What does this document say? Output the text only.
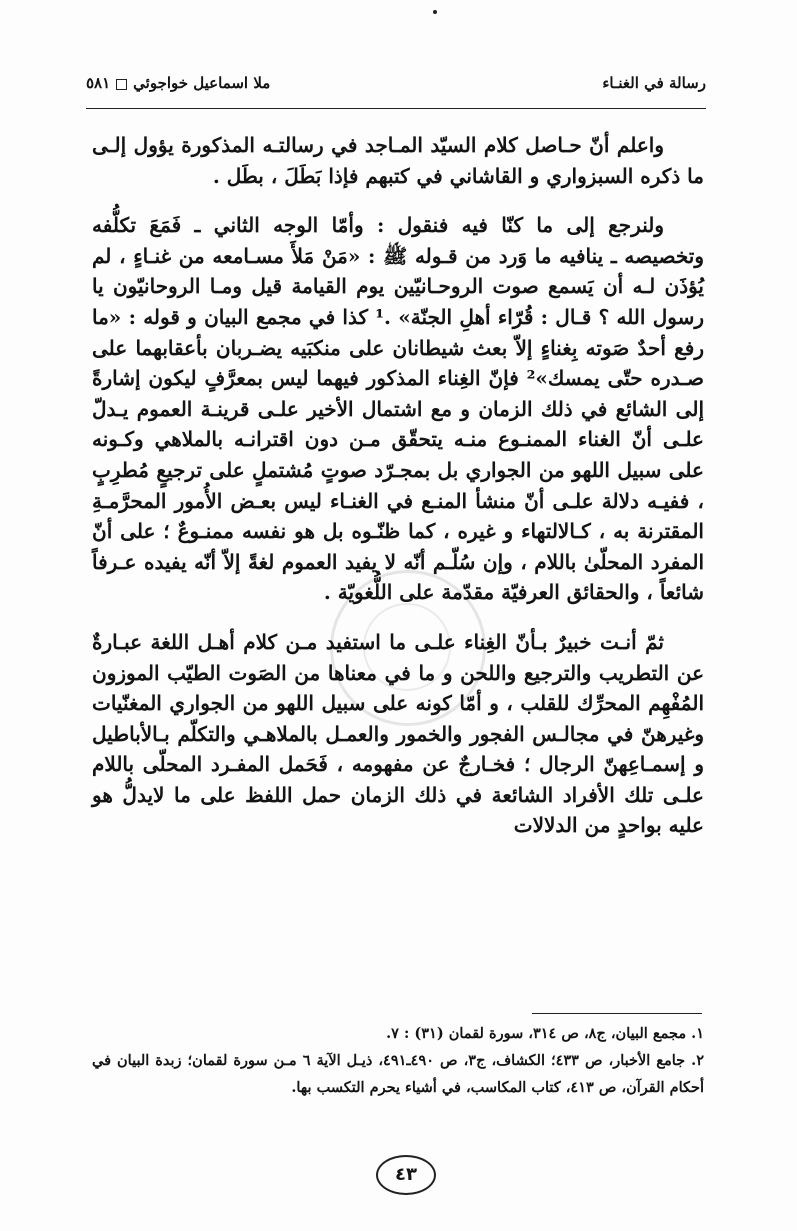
رسالة في الغنـاء
ملا اسماعيل خواجوئي٥٨١

واعلم أنّ حـاصل كلام السيّد المـاجد في رسالتـه المذكورة يؤول إلـى ما ذكره السبزواري و القاشاني في كتبهم فإذا بَطَلَ ، بطَل .

ولنرجع إلى ما كنّا فيه فنقول : وأمّا الوجه الثاني ـ فَمَعَ تكلُّفه وتخصيصه ـ ينافيه ما وَرد من قـوله ﷺ : «مَنْ مَلأَ مسـامعه من غنـاءٍ ، لم يُؤذَن لـه أن يَسمع صوت الروحـانيّين يوم القيامة قيل ومـا الروحانيّون يا رسول الله ؟ قـال : قُرّاء أهلِ الجنّة» .¹ كذا في مجمع البيان و قوله : «ما رفع أحدٌ صَوته بِغناءٍ إلاّ بعث شيطانان على منكبَيه يضـربان بأعقابهما على صـدره حتّى يمسك»² فإنّ الغِناء المذكور فيهما ليس بمعرَّفٍ ليكون إشارةً إلى الشائع في ذلك الزمان و مع اشتمال الأخير علـى قرينـة العموم يـدلّ علـى أنّ الغناء الممنـوع منـه يتحقّق مـن دون اقترانـه بالملاهي وكـونه على سبيل اللهو من الجواري بل بمجـرّد صوتٍ مُشتملٍ على ترجيعٍ مُطرِبٍ ، ففيـه دلالة علـى أنّ منشأ المنـع في الغنـاء ليس بعـض الأُمور المحرَّمـةِ المقترنة به ، كـالالتهاء و غيره ، كما ظنّـوه بل هو نفسه ممنـوعٌ ؛ على أنّ المفرد المحلّىٰ باللام ، وإن سُلّـم أنّه لا يفيد العموم لغةً إلاّ أنّه يفيده عـرفاً شائعاً ، والحقائق العرفيّة مقدّمة على اللُّغويّة .

ثمّ أنـت خبيرٌ بـأنّ الغِناء علـى ما استفيد مـن كلام أهـل اللغة عبـارةٌ عن التطريب والترجيع واللحن و ما في معناها من الصَوت الطيّب الموزون المُفْهِم المحرِّك للقلب ، و أمّا كونه على سبيل اللهو من الجواري المغنّيات وغيرهنّ في مجالـس الفجور والخمور والعمـل بالملاهـي والتكلّم بـالأباطيل و إسمـاعِهنّ الرجال ؛ فخـارجٌ عن مفهومه ، فَحَمل المفـرد المحلّى باللام علـى تلك الأفراد الشائعة في ذلك الزمان حمل اللفظ على ما لايدلُّ هو عليه بواحدٍ من الدلالات

١. مجمع البيان، ج٨، ص ٣١٤، سورة لقمان (٣١) : ٧.

٢. جامع الأخبار، ص ٤٣٣؛ الكشاف، ج٣، ص ٤٩٠ـ٤٩١، ذيـل الآية ٦ مـن سورة لقمان؛ زبدة البيان في أحكام القرآن، ص ٤١٣، كتاب المكاسب، في أشياء يحرم التكسب بها.

٤٣
